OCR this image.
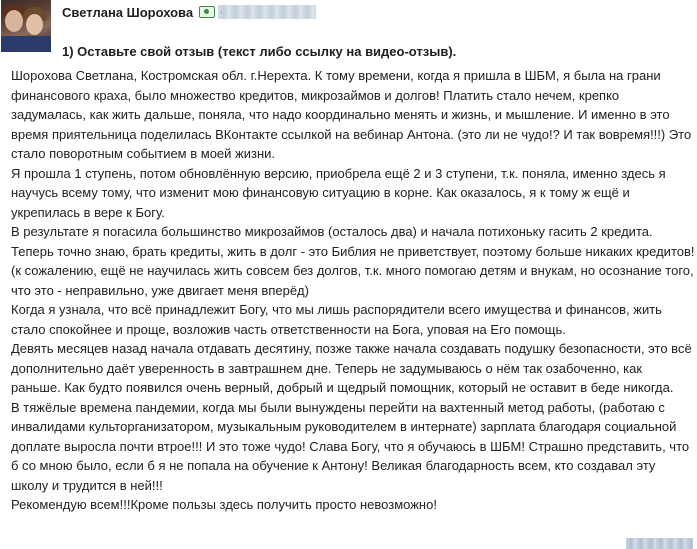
Светлана Шорохова
1) Оставьте свой отзыв (текст либо ссылку на видео-отзыв).

Шорохова Светлана, Костромская обл. г.Нерехта. К тому времени, когда я пришла в ШБМ, я была на грани финансового краха, было множество кредитов, микрозаймов и долгов! Платить стало нечем, крепко задумалась, как жить дальше, поняла, что надо координально менять и жизнь, и мышление. И именно в это время приятельница поделилась ВКонтакте ссылкой на вебинар Антона. (это ли не чудо!? И так вовремя!!!) Это стало поворотным событием в моей жизни.

Я прошла 1 ступень, потом обновлённую версию, приобрела ещё 2 и 3 ступени, т.к. поняла, именно здесь я научусь всему тому, что изменит мою финансовую ситуацию в корне. Как оказалось, я к тому ж ещё и укрепилась в вере к Богу.

В результате я погасила большинство микрозаймов (осталось два) и начала потихоньку гасить 2 кредита. Теперь точно знаю, брать кредиты, жить в долг - это Библия не приветствует, поэтому больше никаких кредитов! (к сожалению, ещё не научилась жить совсем без долгов, т.к. много помогаю детям и внукам, но осознание того, что это - неправильно, уже двигает меня вперёд)

Когда я узнала, что всё принадлежит Богу, что мы лишь распорядители всего имущества и финансов, жить стало спокойнее и проще, возложив часть ответственности на Бога, уповая на Его помощь.

Девять месяцев назад начала отдавать десятину, позже также начала создавать подушку безопасности, это всё дополнительно даёт уверенность в завтрашнем дне. Теперь не задумываюсь о нём так озабоченно, как раньше. Как будто появился очень верный, добрый и щедрый помощник, который не оставит в беде никогда.

В тяжёлые времена пандемии, когда мы были вынуждены перейти на вахтенный метод работы, (работаю с инвалидами культорганизатором, музыкальным руководителем в интернате) зарплата благодаря социальной доплате выросла почти втрое!!! И это тоже чудо! Слава Богу, что я обучаюсь в ШБМ! Страшно представить, что б со мною было, если б я не попала на обучение к Антону! Великая благодарность всем, кто создавал эту школу и трудится в ней!!!

Рекомендую всем!!!Кроме пользы здесь получить просто невозможно!
